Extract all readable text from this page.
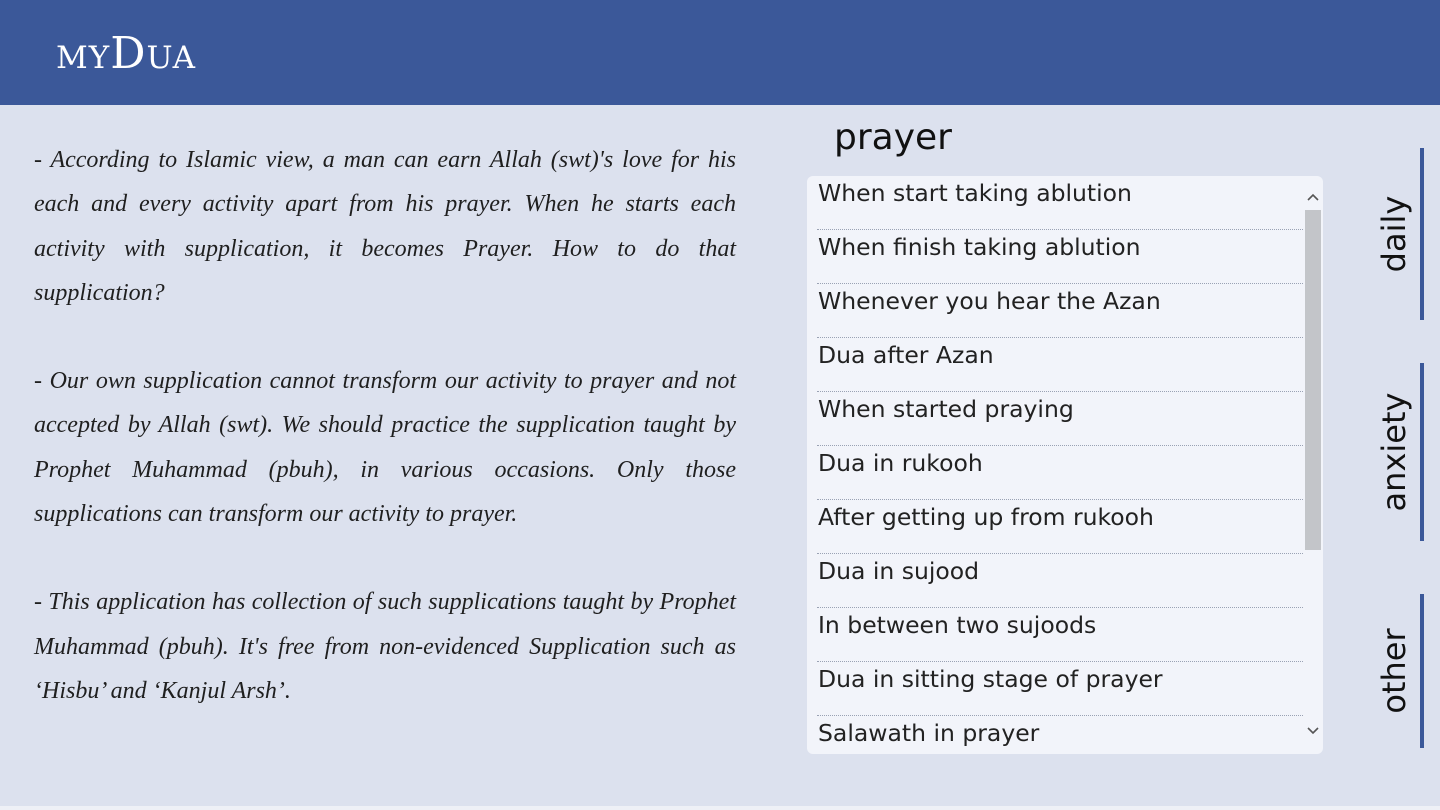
myDua

- According to Islamic view, a man can earn Allah (swt)'s love for his each and every activity apart from his prayer. When he starts each activity with supplication, it becomes Prayer. How to do that supplication?

- Our own supplication cannot transform our activity to prayer and not accepted by Allah (swt). We should practice the supplication taught by Prophet Muhammad (pbuh), in various occasions. Only those supplications can transform our activity to prayer.

- This application has collection of such supplications taught by Prophet Muhammad (pbuh). It's free from non-evidenced Supplication such as ‘Hisbu’ and ‘Kanjul Arsh’.

prayer
When start taking ablution
When finish taking ablution
Whenever you hear the Azan
Dua after Azan
When started praying
Dua in rukooh
After getting up from rukooh
Dua in sujood
In between two sujoods
Dua in sitting stage of prayer
Salawath in prayer
daily
anxiety
other
